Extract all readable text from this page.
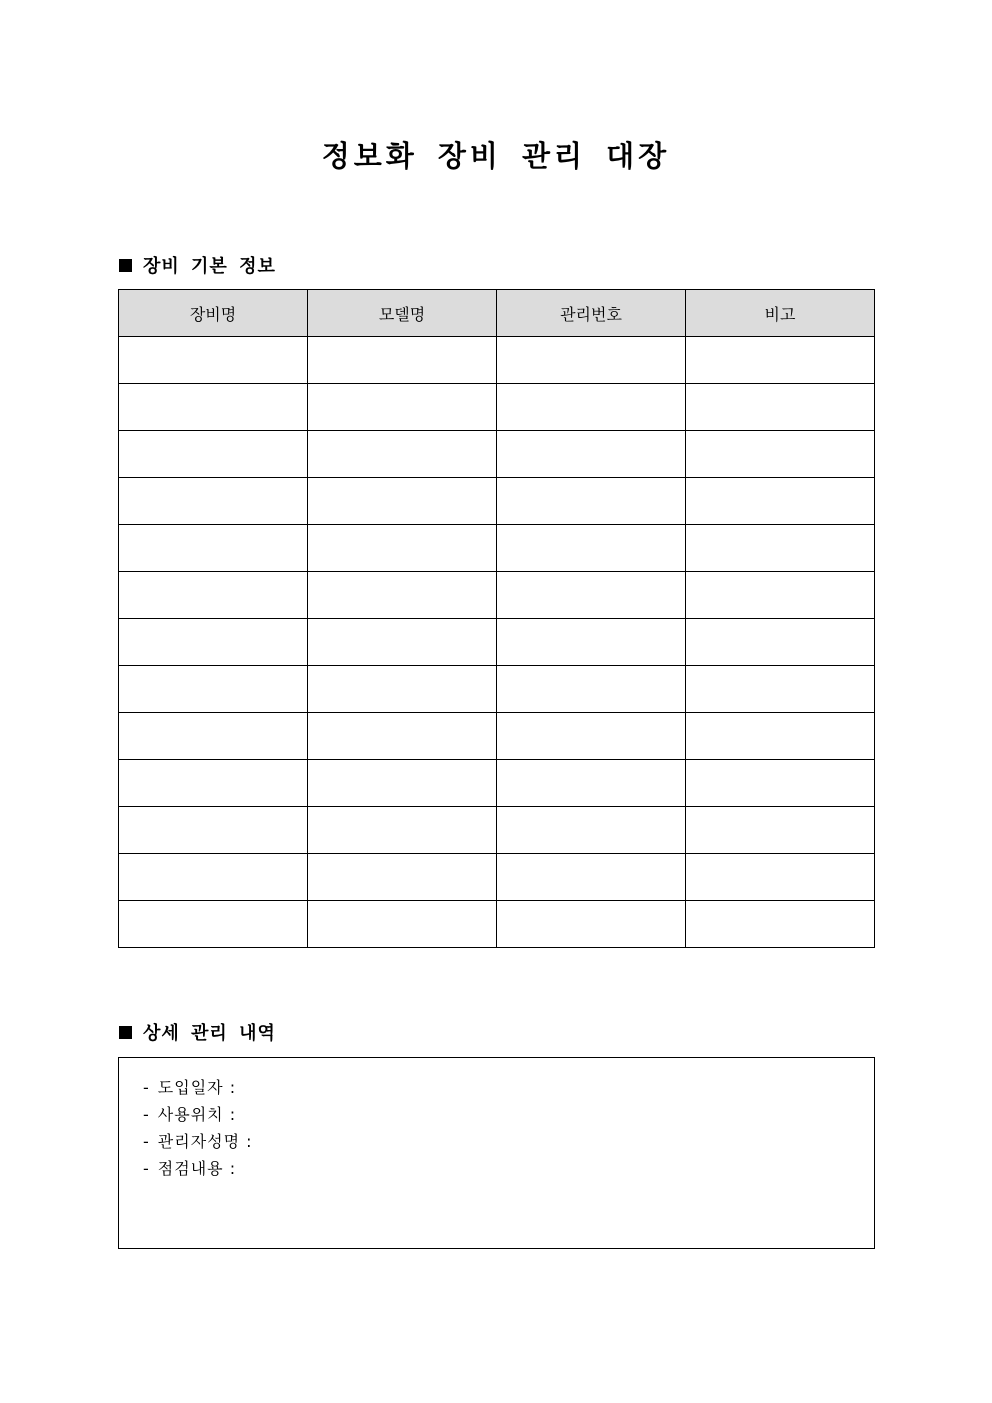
정보화 장비 관리 대장
장비 기본 정보
장비명	모델명	관리번호	비고

상세 관리 내역
- 도입일자 :
- 사용위치 :
- 관리자성명 :
- 점검내용 :
